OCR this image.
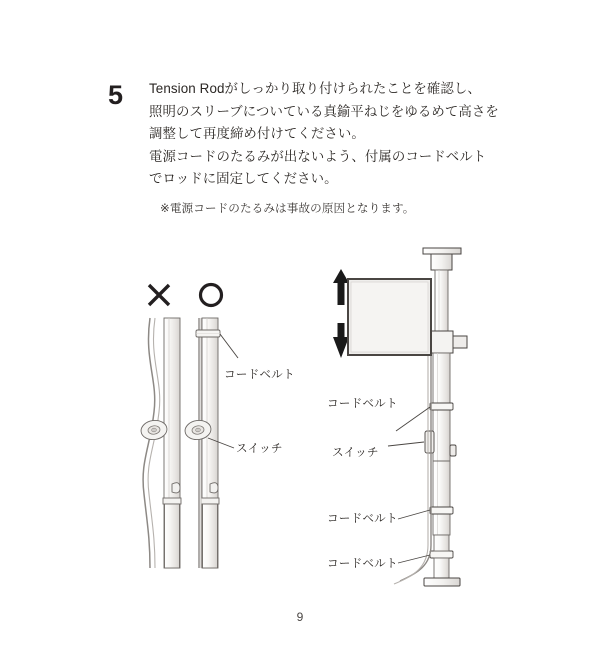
5 Tension Rodがしっかり取り付けられたことを確認し、
照明のスリーブについている真鍮平ねじをゆるめて高さを
調整して再度締め付けてください。
電源コードのたるみが出ないよう、付属のコードベルト
でロッドに固定してください。
※電源コードのたるみは事故の原因となります。
コードベルト
スイッチ
コードベルト
スイッチ
コードベルト
コードベルト
9
